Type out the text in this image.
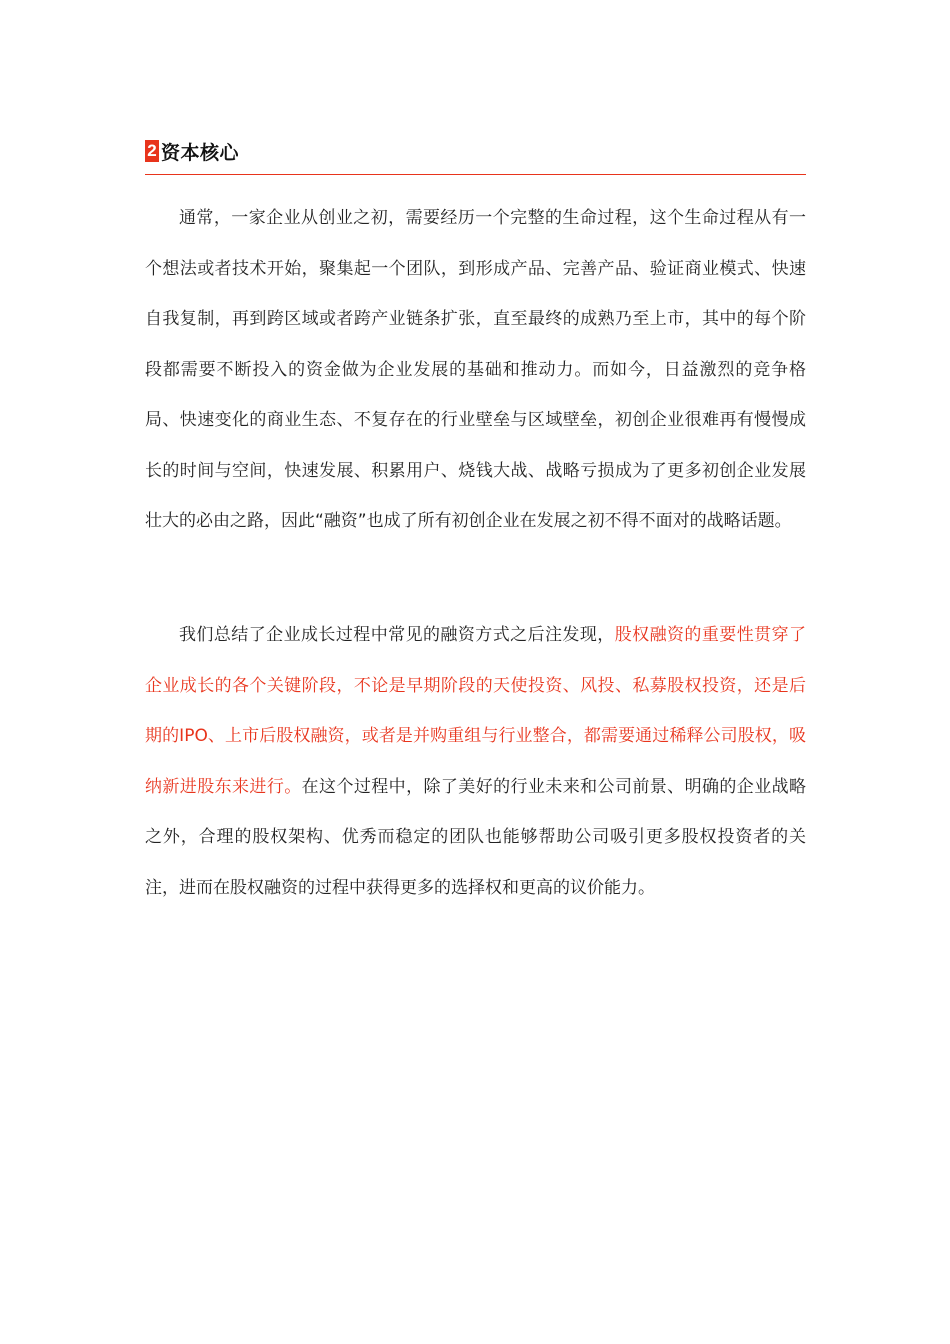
2 资本核心

通常，一家企业从创业之初，需要经历一个完整的生命过程，这个生命过程从有一个想法或者技术开始，聚集起一个团队，到形成产品、完善产品、验证商业模式、快速自我复制，再到跨区域或者跨产业链条扩张，直至最终的成熟乃至上市，其中的每个阶段都需要不断投入的资金做为企业发展的基础和推动力。而如今，日益激烈的竞争格局、快速变化的商业生态、不复存在的行业壁垒与区域壁垒，初创企业很难再有慢慢成长的时间与空间，快速发展、积累用户、烧钱大战、战略亏损成为了更多初创企业发展壮大的必由之路，因此“融资”也成了所有初创企业在发展之初不得不面对的战略话题。

我们总结了企业成长过程中常见的融资方式之后注发现，股权融资的重要性贯穿了企业成长的各个关键阶段，不论是早期阶段的天使投资、风投、私募股权投资，还是后期的IPO、上市后股权融资，或者是并购重组与行业整合，都需要通过稀释公司股权，吸纳新进股东来进行。在这个过程中，除了美好的行业未来和公司前景、明确的企业战略之外，合理的股权架构、优秀而稳定的团队也能够帮助公司吸引更多股权投资者的关注，进而在股权融资的过程中获得更多的选择权和更高的议价能力。
